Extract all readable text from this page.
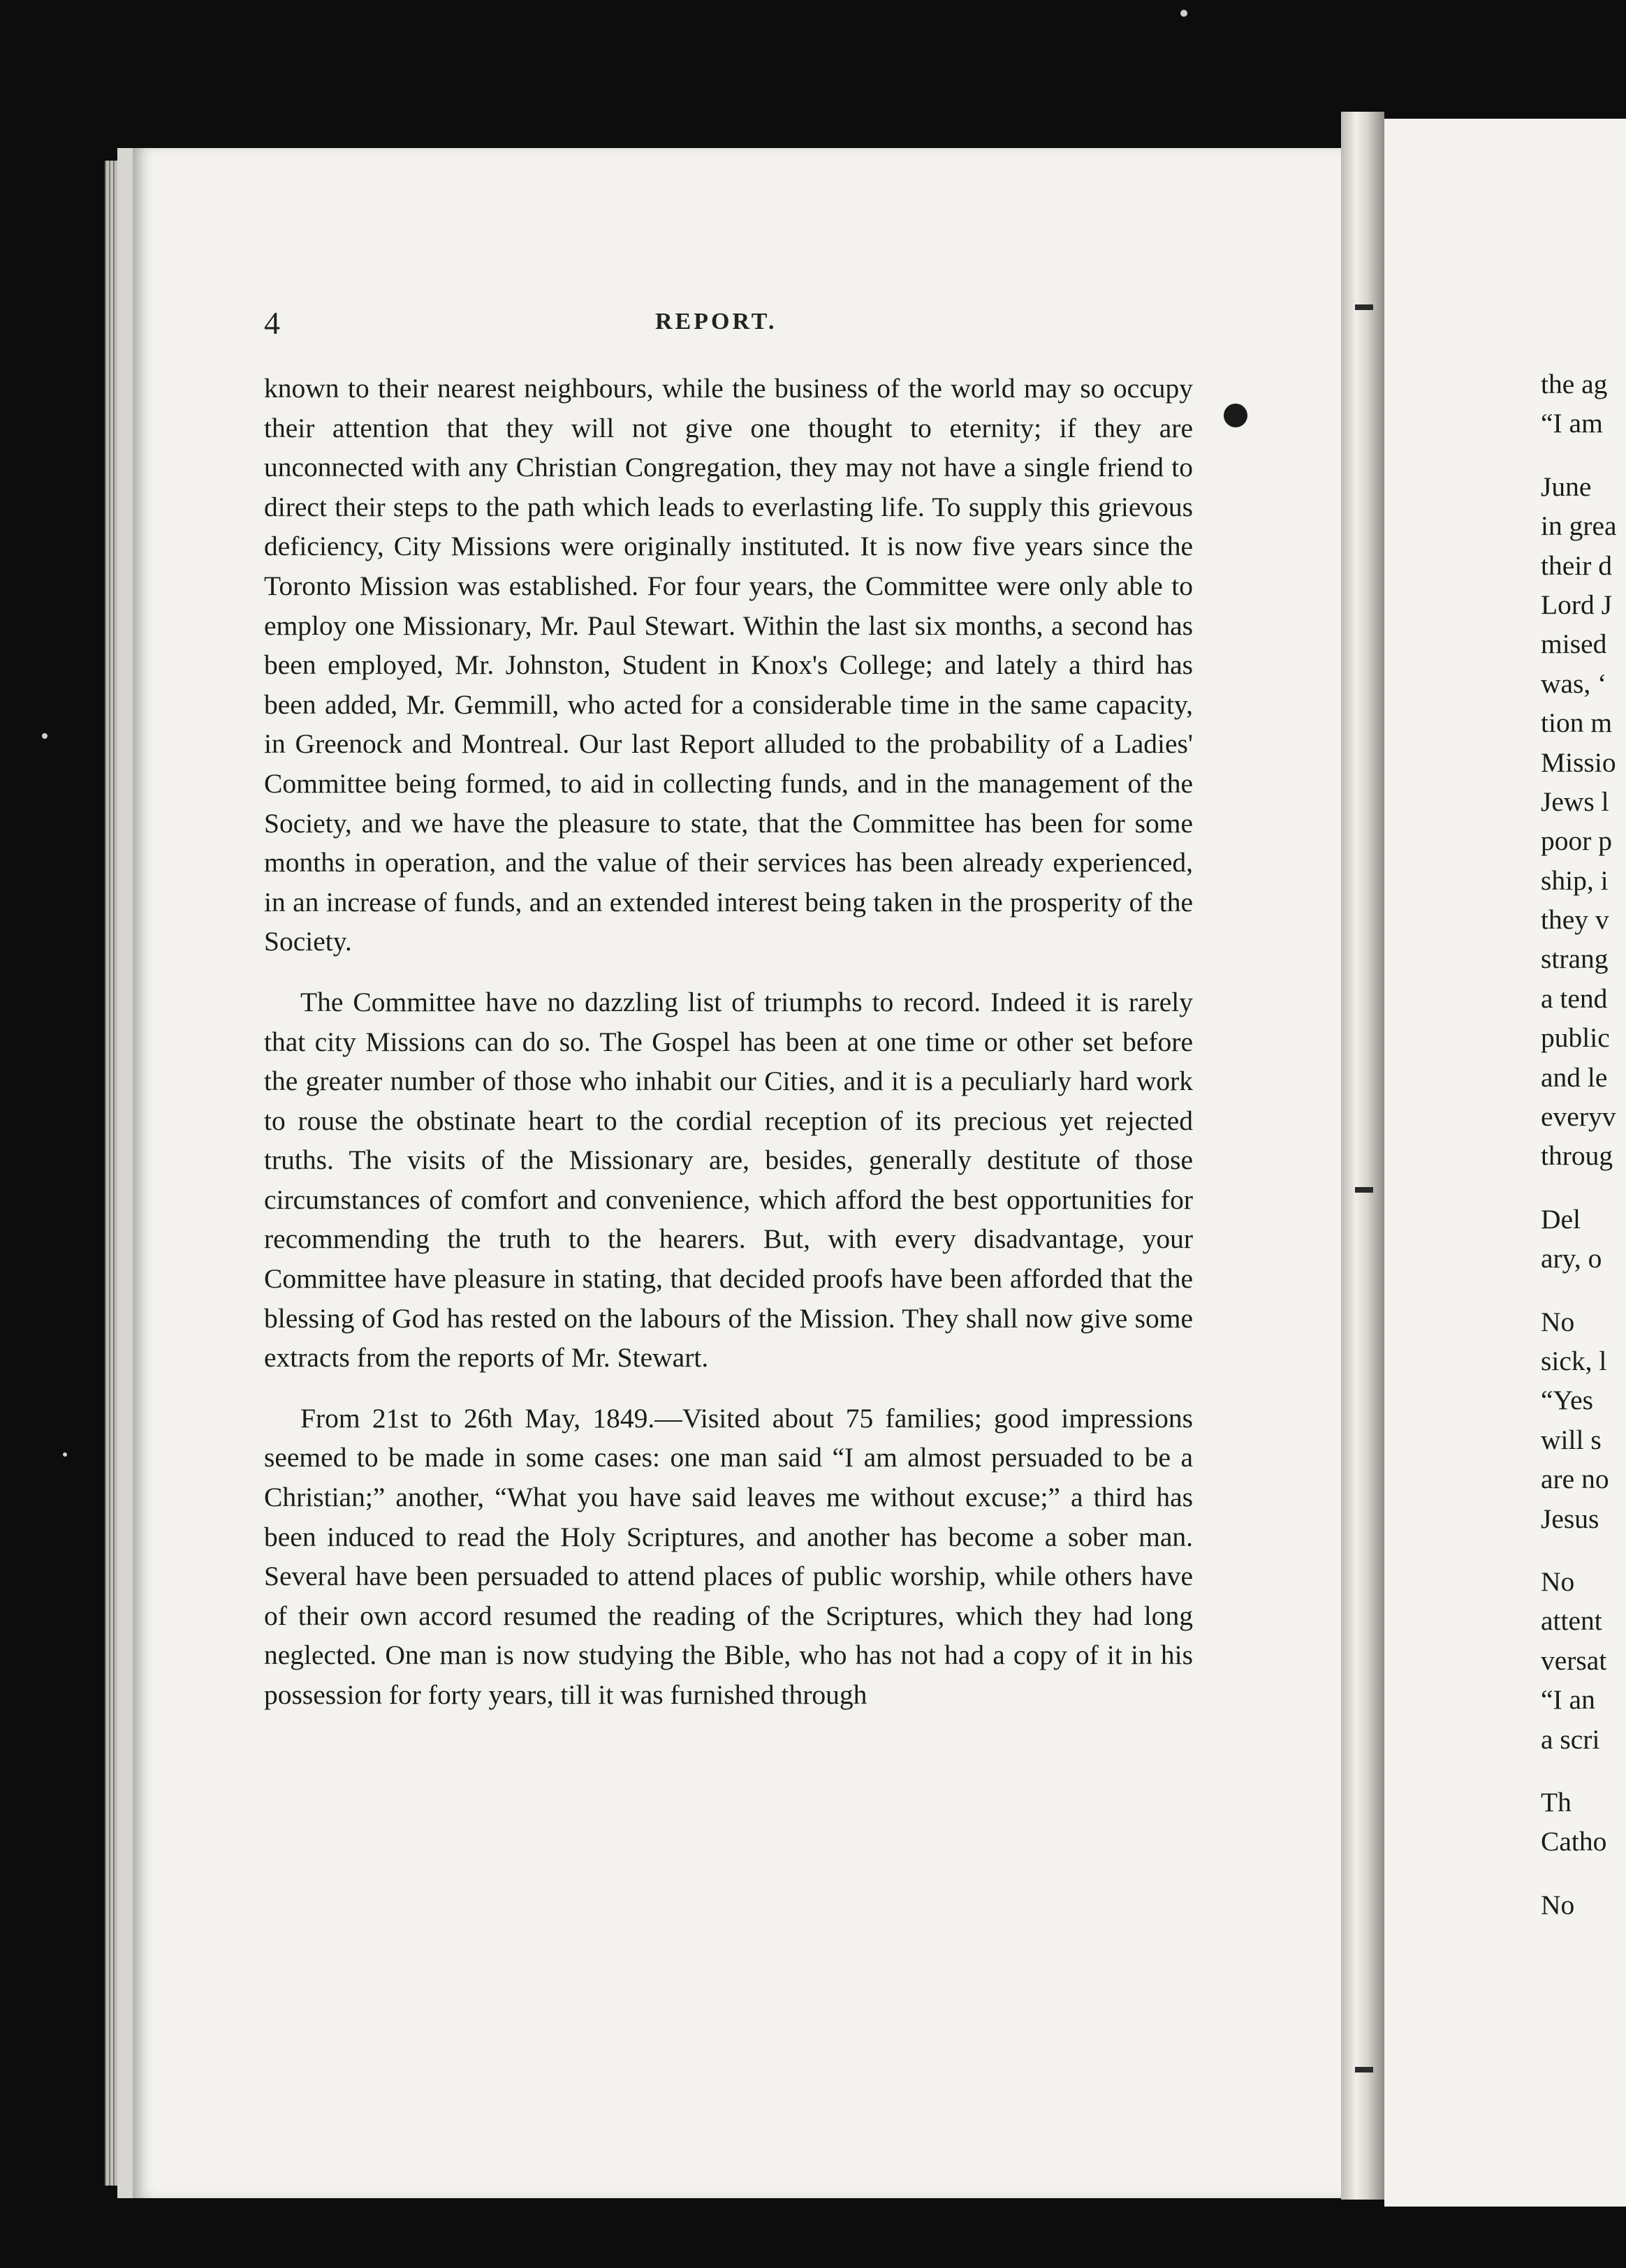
4	REPORT.

known to their nearest neighbours, while the business of the world may so occupy their attention that they will not give one thought to eternity; if they are unconnected with any Christian Congregation, they may not have a single friend to direct their steps to the path which leads to everlasting life. To supply this grievous deficiency, City Missions were originally instituted. It is now five years since the Toronto Mission was established. For four years, the Committee were only able to employ one Missionary, Mr. Paul Stewart. Within the last six months, a second has been employed, Mr. Johnston, Student in Knox's College; and lately a third has been added, Mr. Gemmill, who acted for a considerable time in the same capacity, in Greenock and Montreal. Our last Report alluded to the probability of a Ladies' Committee being formed, to aid in collecting funds, and in the management of the Society, and we have the pleasure to state, that the Committee has been for some months in operation, and the value of their services has been already experienced, in an increase of funds, and an extended interest being taken in the prosperity of the Society.

The Committee have no dazzling list of triumphs to record. Indeed it is rarely that city Missions can do so. The Gospel has been at one time or other set before the greater number of those who inhabit our Cities, and it is a peculiarly hard work to rouse the obstinate heart to the cordial reception of its precious yet rejected truths. The visits of the Missionary are, besides, generally destitute of those circumstances of comfort and convenience, which afford the best opportunities for recommending the truth to the hearers. But, with every disadvantage, your Committee have pleasure in stating, that decided proofs have been afforded that the blessing of God has rested on the labours of the Mission. They shall now give some extracts from the reports of Mr. Stewart.

From 21st to 26th May, 1849.—Visited about 75 families; good impressions seemed to be made in some cases: one man said “I am almost persuaded to be a Christian;” another, “What you have said leaves me without excuse;” a third has been induced to read the Holy Scriptures, and another has become a sober man. Several have been persuaded to attend places of public worship, while others have of their own accord resumed the reading of the Scriptures, which they had long neglected. One man is now studying the Bible, who has not had a copy of it in his possession for forty years, till it was furnished through

the ag
“I am
June
in grea
their d
Lord J
mised
was, ‘
tion m
Missio
Jews l
poor p
ship, i
they v
strang
a tend
public
and le
everyv
throug
Del
ary, o
No
sick, l
“Yes
will s
are no
Jesus
No
attent
versat
“I an
a scri
Th
Catho
No
